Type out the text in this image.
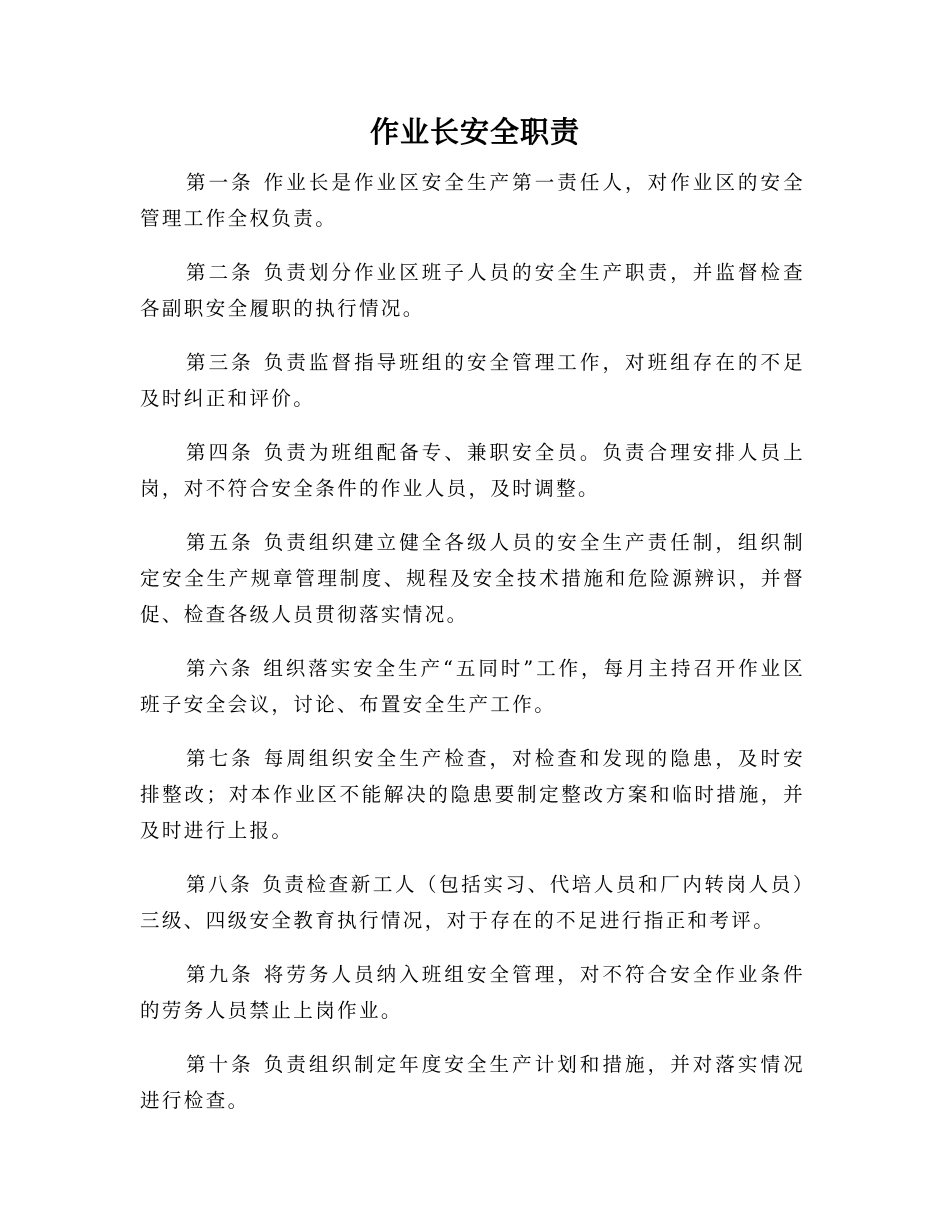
作业长安全职责

第一条 作业长是作业区安全生产第一责任人，对作业区的安全管理工作全权负责。

第二条 负责划分作业区班子人员的安全生产职责，并监督检查各副职安全履职的执行情况。

第三条 负责监督指导班组的安全管理工作，对班组存在的不足及时纠正和评价。

第四条 负责为班组配备专、兼职安全员。负责合理安排人员上岗，对不符合安全条件的作业人员，及时调整。

第五条 负责组织建立健全各级人员的安全生产责任制，组织制定安全生产规章管理制度、规程及安全技术措施和危险源辨识，并督促、检查各级人员贯彻落实情况。

第六条 组织落实安全生产“五同时”工作，每月主持召开作业区班子安全会议，讨论、布置安全生产工作。

第七条 每周组织安全生产检查，对检查和发现的隐患，及时安排整改；对本作业区不能解决的隐患要制定整改方案和临时措施，并及时进行上报。

第八条 负责检查新工人（包括实习、代培人员和厂内转岗人员）三级、四级安全教育执行情况，对于存在的不足进行指正和考评。

第九条 将劳务人员纳入班组安全管理，对不符合安全作业条件的劳务人员禁止上岗作业。

第十条 负责组织制定年度安全生产计划和措施，并对落实情况进行检查。
